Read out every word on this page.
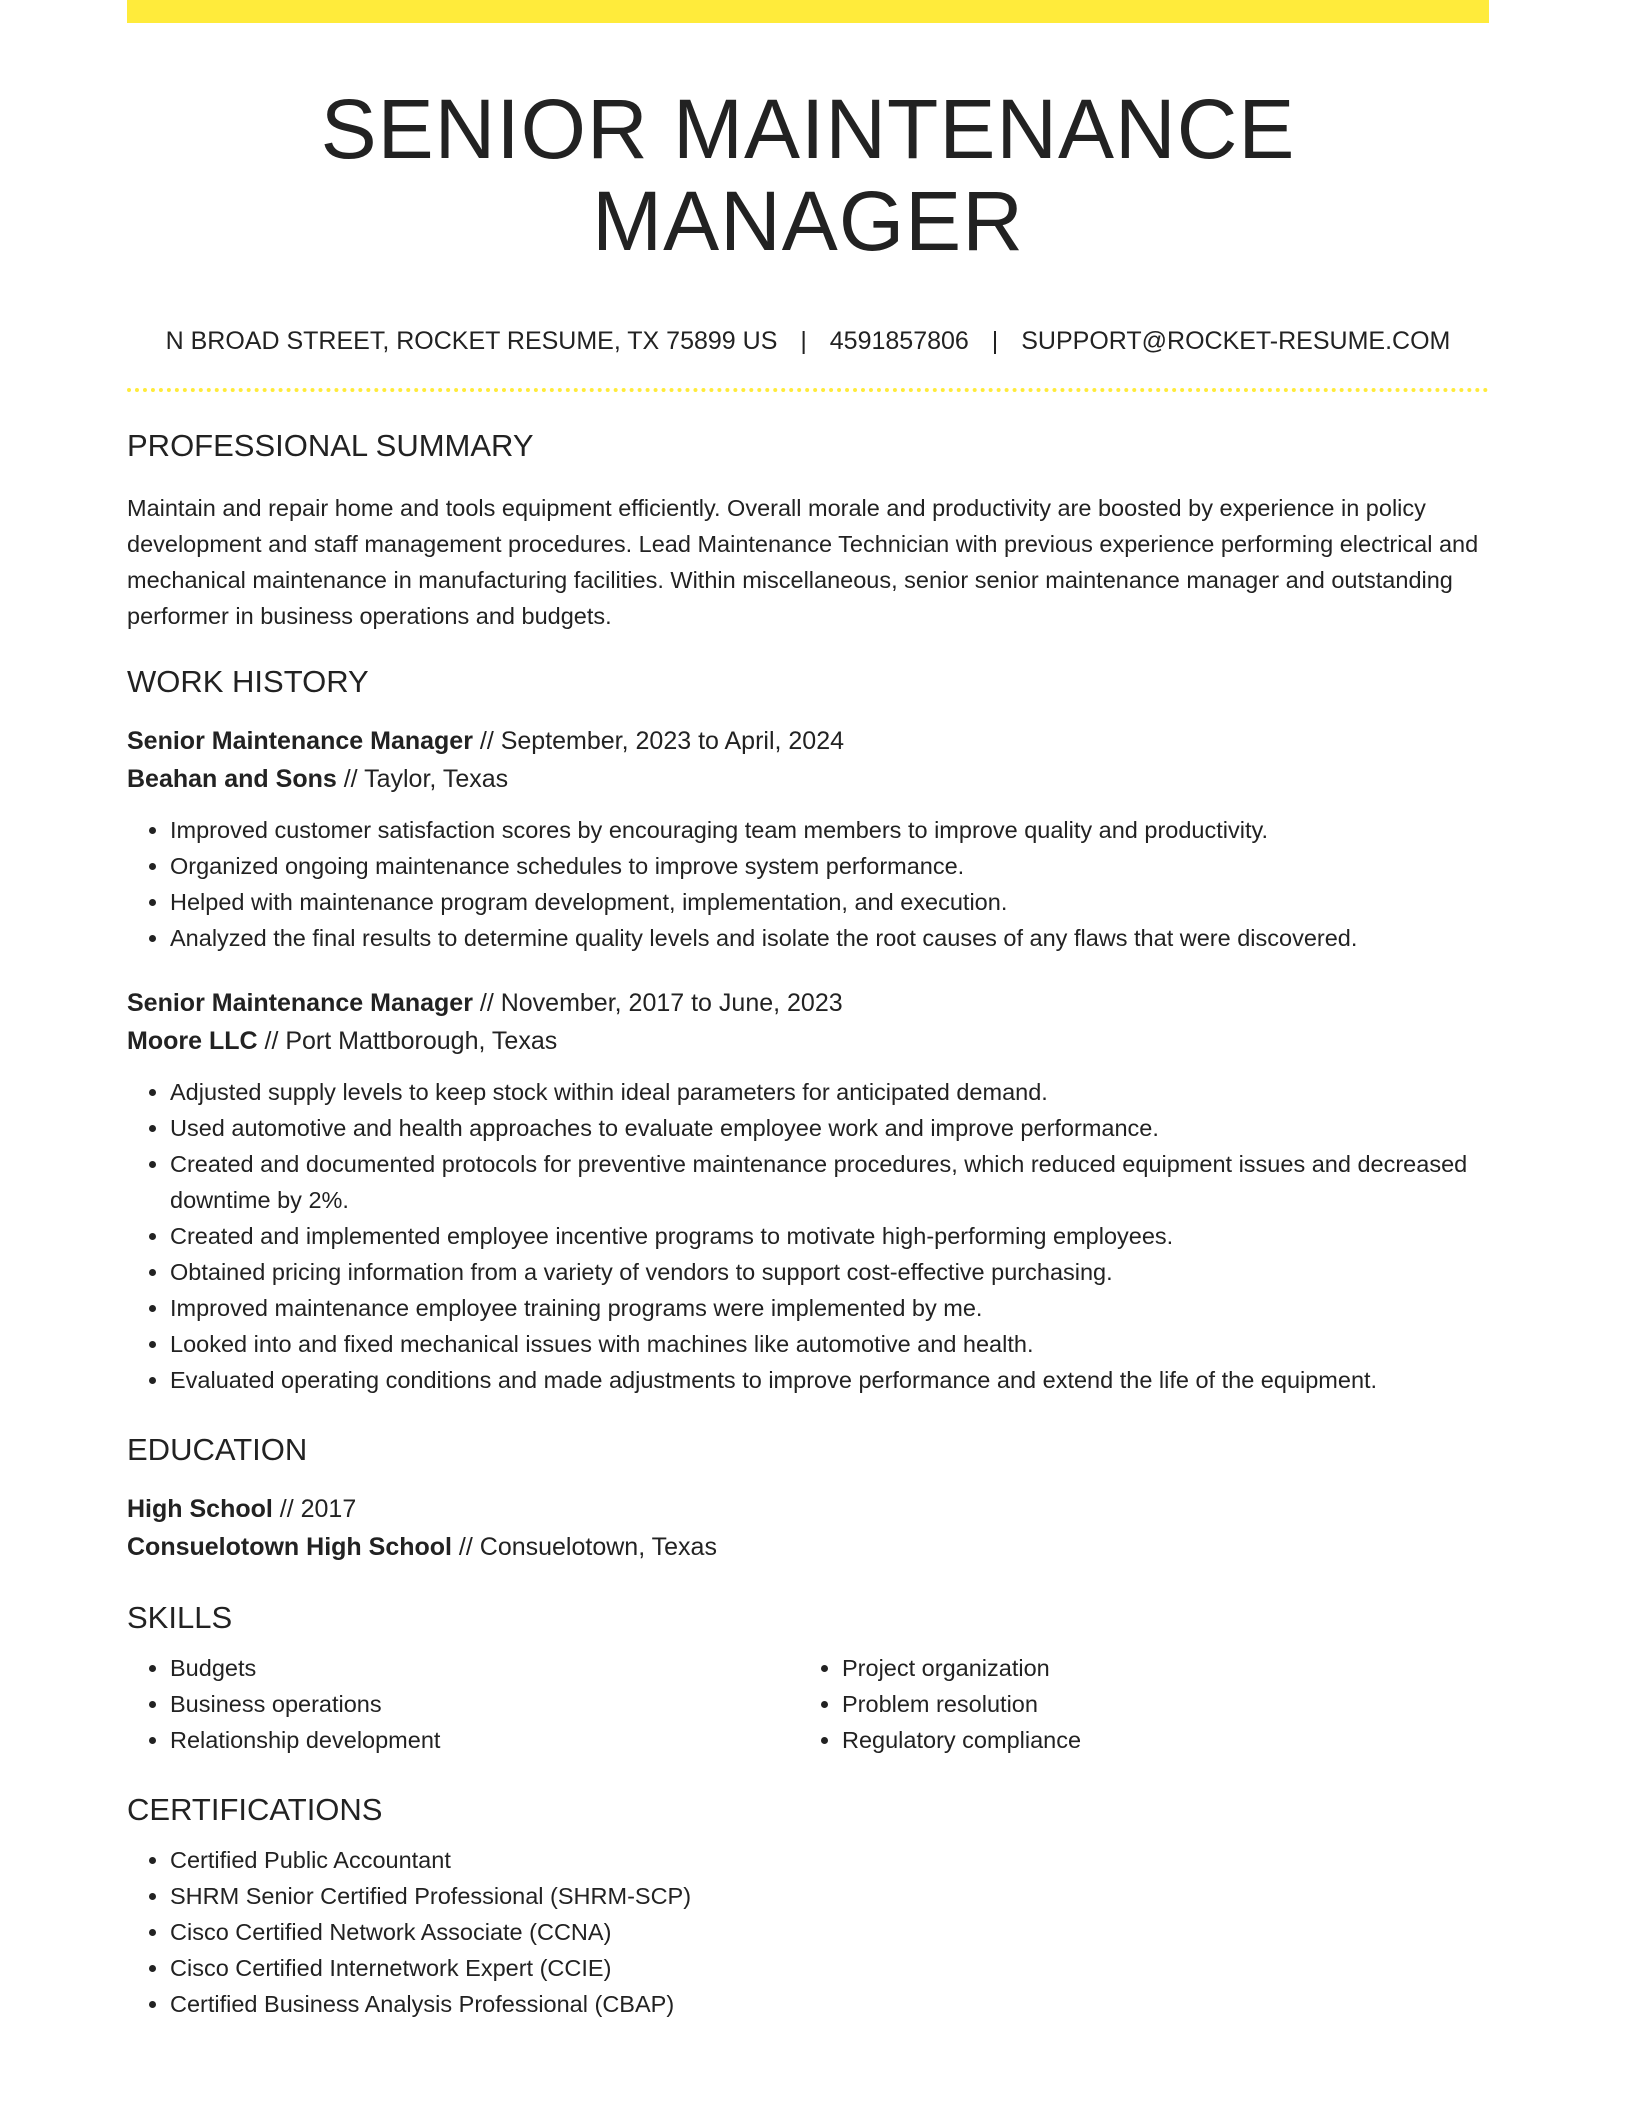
SENIOR MAINTENANCE MANAGER
N BROAD STREET, ROCKET RESUME, TX 75899 US | 4591857806 | SUPPORT@ROCKET-RESUME.COM
PROFESSIONAL SUMMARY

Maintain and repair home and tools equipment efficiently. Overall morale and productivity are boosted by experience in policy development and staff management procedures. Lead Maintenance Technician with previous experience performing electrical and mechanical maintenance in manufacturing facilities. Within miscellaneous, senior senior maintenance manager and outstanding performer in business operations and budgets.

WORK HISTORY
Senior Maintenance Manager // September, 2023 to April, 2024
Beahan and Sons // Taylor, Texas
• Improved customer satisfaction scores by encouraging team members to improve quality and productivity.
• Organized ongoing maintenance schedules to improve system performance.
• Helped with maintenance program development, implementation, and execution.
• Analyzed the final results to determine quality levels and isolate the root causes of any flaws that were discovered.
Senior Maintenance Manager // November, 2017 to June, 2023
Moore LLC // Port Mattborough, Texas
• Adjusted supply levels to keep stock within ideal parameters for anticipated demand.
• Used automotive and health approaches to evaluate employee work and improve performance.
• Created and documented protocols for preventive maintenance procedures, which reduced equipment issues and decreased downtime by 2%.
• Created and implemented employee incentive programs to motivate high-performing employees.
• Obtained pricing information from a variety of vendors to support cost-effective purchasing.
• Improved maintenance employee training programs were implemented by me.
• Looked into and fixed mechanical issues with machines like automotive and health.
• Evaluated operating conditions and made adjustments to improve performance and extend the life of the equipment.
EDUCATION
High School // 2017
Consuelotown High School // Consuelotown, Texas
SKILLS
• Budgets
• Business operations
• Relationship development
• Project organization
• Problem resolution
• Regulatory compliance
CERTIFICATIONS
• Certified Public Accountant
• SHRM Senior Certified Professional (SHRM-SCP)
• Cisco Certified Network Associate (CCNA)
• Cisco Certified Internetwork Expert (CCIE)
• Certified Business Analysis Professional (CBAP)
